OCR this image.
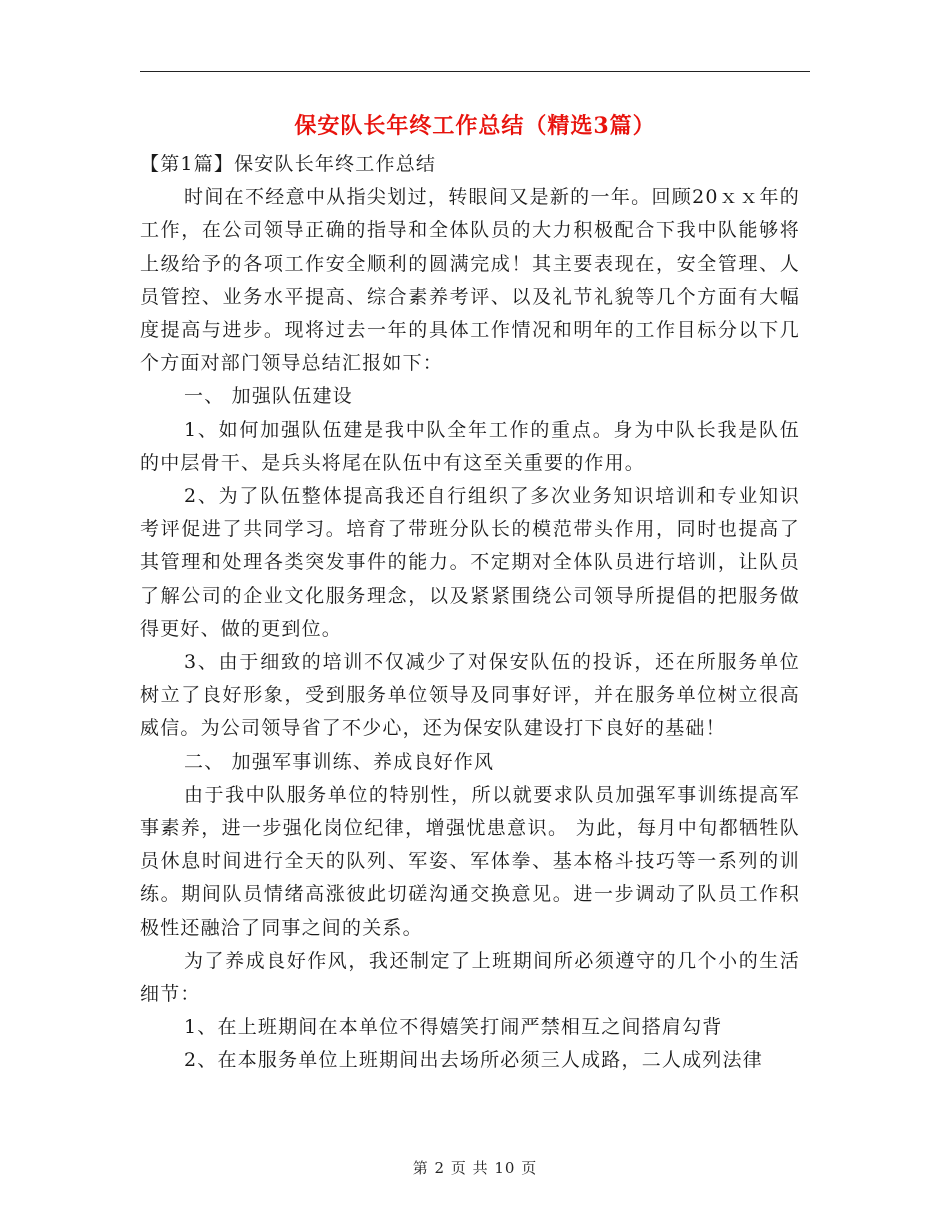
保安队长年终工作总结（精选3篇）

【第1篇】保安队长年终工作总结

时间在不经意中从指尖划过，转眼间又是新的一年。回顾20ｘｘ年的工作，在公司领导正确的指导和全体队员的大力积极配合下我中队能够将上级给予的各项工作安全顺利的圆满完成！其主要表现在，安全管理、人员管控、业务水平提高、综合素养考评、以及礼节礼貌等几个方面有大幅度提高与进步。现将过去一年的具体工作情况和明年的工作目标分以下几个方面对部门领导总结汇报如下：

一、 加强队伍建设

1、如何加强队伍建是我中队全年工作的重点。身为中队长我是队伍的中层骨干、是兵头将尾在队伍中有这至关重要的作用。

2、为了队伍整体提高我还自行组织了多次业务知识培训和专业知识考评促进了共同学习。培育了带班分队长的模范带头作用，同时也提高了其管理和处理各类突发事件的能力。不定期对全体队员进行培训，让队员了解公司的企业文化服务理念，以及紧紧围绕公司领导所提倡的把服务做得更好、做的更到位。

3、由于细致的培训不仅减少了对保安队伍的投诉，还在所服务单位树立了良好形象，受到服务单位领导及同事好评，并在服务单位树立很高威信。为公司领导省了不少心，还为保安队建设打下良好的基础！

二、 加强军事训练、养成良好作风

由于我中队服务单位的特别性，所以就要求队员加强军事训练提高军事素养，进一步强化岗位纪律，增强忧患意识。 为此，每月中旬都牺牲队员休息时间进行全天的队列、军姿、军体拳、基本格斗技巧等一系列的训练。期间队员情绪高涨彼此切磋沟通交换意见。进一步调动了队员工作积极性还融洽了同事之间的关系。

为了养成良好作风，我还制定了上班期间所必须遵守的几个小的生活细节：

1、在上班期间在本单位不得嬉笑打闹严禁相互之间搭肩勾背

2、在本服务单位上班期间出去场所必须三人成路，二人成列法律

第 2 页 共 10 页
